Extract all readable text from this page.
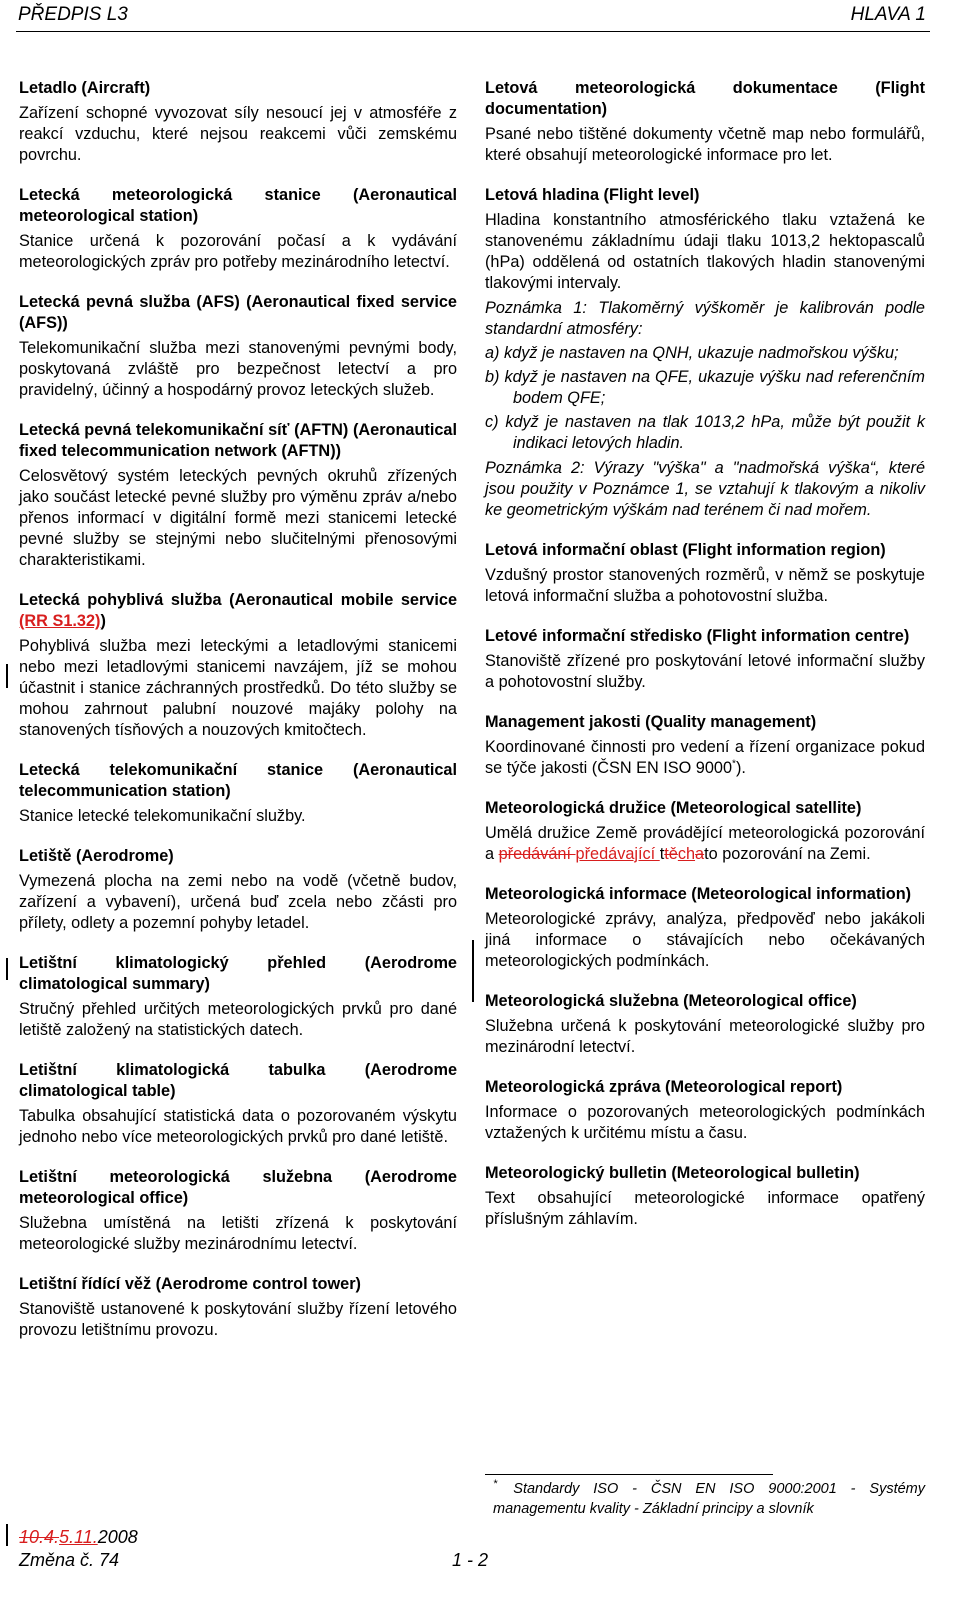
PŘEDPIS L3	HLAVA 1

Letadlo (Aircraft)

Zařízení schopné vyvozovat síly nesoucí jej v atmosféře z reakcí vzduchu, které nejsou reakcemi vůči zemskému povrchu.

Letecká meteorologická stanice (Aeronautical meteorological station)

Stanice určená k pozorování počasí a k vydávání meteorologických zpráv pro potřeby mezinárodního letectví.

Letecká pevná služba (AFS) (Aeronautical fixed service (AFS))

Telekomunikační služba mezi stanovenými pevnými body, poskytovaná zvláště pro bezpečnost letectví a pro pravidelný, účinný a hospodárný provoz leteckých služeb.

Letecká pevná telekomunikační síť (AFTN) (Aeronautical fixed telecommunication network (AFTN))

Celosvětový systém leteckých pevných okruhů zřízených jako součást letecké pevné služby pro výměnu zpráv a/nebo přenos informací v digitální formě mezi stanicemi letecké pevné služby se stejnými nebo slučitelnými přenosovými charakteristikami.

Letecká pohyblivá služba (Aeronautical mobile service (RR S1.32))

Pohyblivá služba mezi leteckými a letadlovými stanicemi nebo mezi letadlovými stanicemi navzájem, jíž se mohou účastnit i stanice záchranných prostředků. Do této služby se mohou zahrnout palubní nouzové majáky polohy na stanovených tísňových a nouzových kmitočtech.

Letecká telekomunikační stanice (Aeronautical telecommunication station)

Stanice letecké telekomunikační služby.

Letiště (Aerodrome)

Vymezená plocha na zemi nebo na vodě (včetně budov, zařízení a vybavení), určená buď zcela nebo zčásti pro přílety, odlety a pozemní pohyby letadel.

Letištní klimatologický přehled (Aerodrome climatological summary)

Stručný přehled určitých meteorologických prvků pro dané letiště založený na statistických datech.

Letištní klimatologická tabulka (Aerodrome climatological table)

Tabulka obsahující statistická data o pozorovaném výskytu jednoho nebo více meteorologických prvků pro dané letiště.

Letištní meteorologická služebna (Aerodrome meteorological office)

Služebna umístěná na letišti zřízená k poskytování meteorologické služby mezinárodnímu letectví.

Letištní řídící věž (Aerodrome control tower)

Stanoviště ustanovené k poskytování služby řízení letového provozu letištnímu provozu.

Letová meteorologická dokumentace (Flight documentation)

Psané nebo tištěné dokumenty včetně map nebo formulářů, které obsahují meteorologické informace pro let.

Letová hladina (Flight level)

Hladina konstantního atmosférického tlaku vztažená ke stanovenému základnímu údaji tlaku 1013,2 hektopascalů (hPa) oddělená od ostatních tlakových hladin stanovenými tlakovými intervaly.

Poznámka 1: Tlakoměrný výškoměr je kalibrován podle standardní atmosféry:

a) když je nastaven na QNH, ukazuje nadmořskou výšku;
b) když je nastaven na QFE, ukazuje výšku nad referenčním bodem QFE;
c) když je nastaven na tlak 1013,2 hPa, může být použit k indikaci letových hladin.

Poznámka 2: Výrazy "výška" a "nadmořská výška“, které jsou použity v Poznámce 1, se vztahují k tlakovým a nikoliv ke geometrickým výškám nad terénem či nad mořem.

Letová informační oblast (Flight information region)

Vzdušný prostor stanovených rozměrů, v němž se poskytuje letová informační služba a pohotovostní služba.

Letové informační středisko (Flight information centre)

Stanoviště zřízené pro poskytování letové informační služby a pohotovostní služby.

Management jakosti (Quality management)

Koordinované činnosti pro vedení a řízení organizace pokud se týče jakosti (ČSN EN ISO 9000*).

Meteorologická družice (Meteorological satellite)

Umělá družice Země provádějící meteorologická pozorování a předávání předávající ttěchato pozorování na Zemi.

Meteorologická informace (Meteorological information)

Meteorologické zprávy, analýza, předpověď nebo jakákoli jiná informace o stávajících nebo očekávaných meteorologických podmínkách.

Meteorologická služebna (Meteorological office)

Služebna určená k poskytování meteorologické služby pro mezinárodní letectví.

Meteorologická zpráva (Meteorological report)

Informace o pozorovaných meteorologických podmínkách vztažených k určitému místu a času.

Meteorologický bulletin (Meteorological bulletin)

Text obsahující meteorologické informace opatřený příslušným záhlavím.

* Standardy ISO - ČSN EN ISO 9000:2001 - Systémy managementu kvality - Základní principy a slovník
10.4.5.11.2008
Změna č. 74	1 - 2
